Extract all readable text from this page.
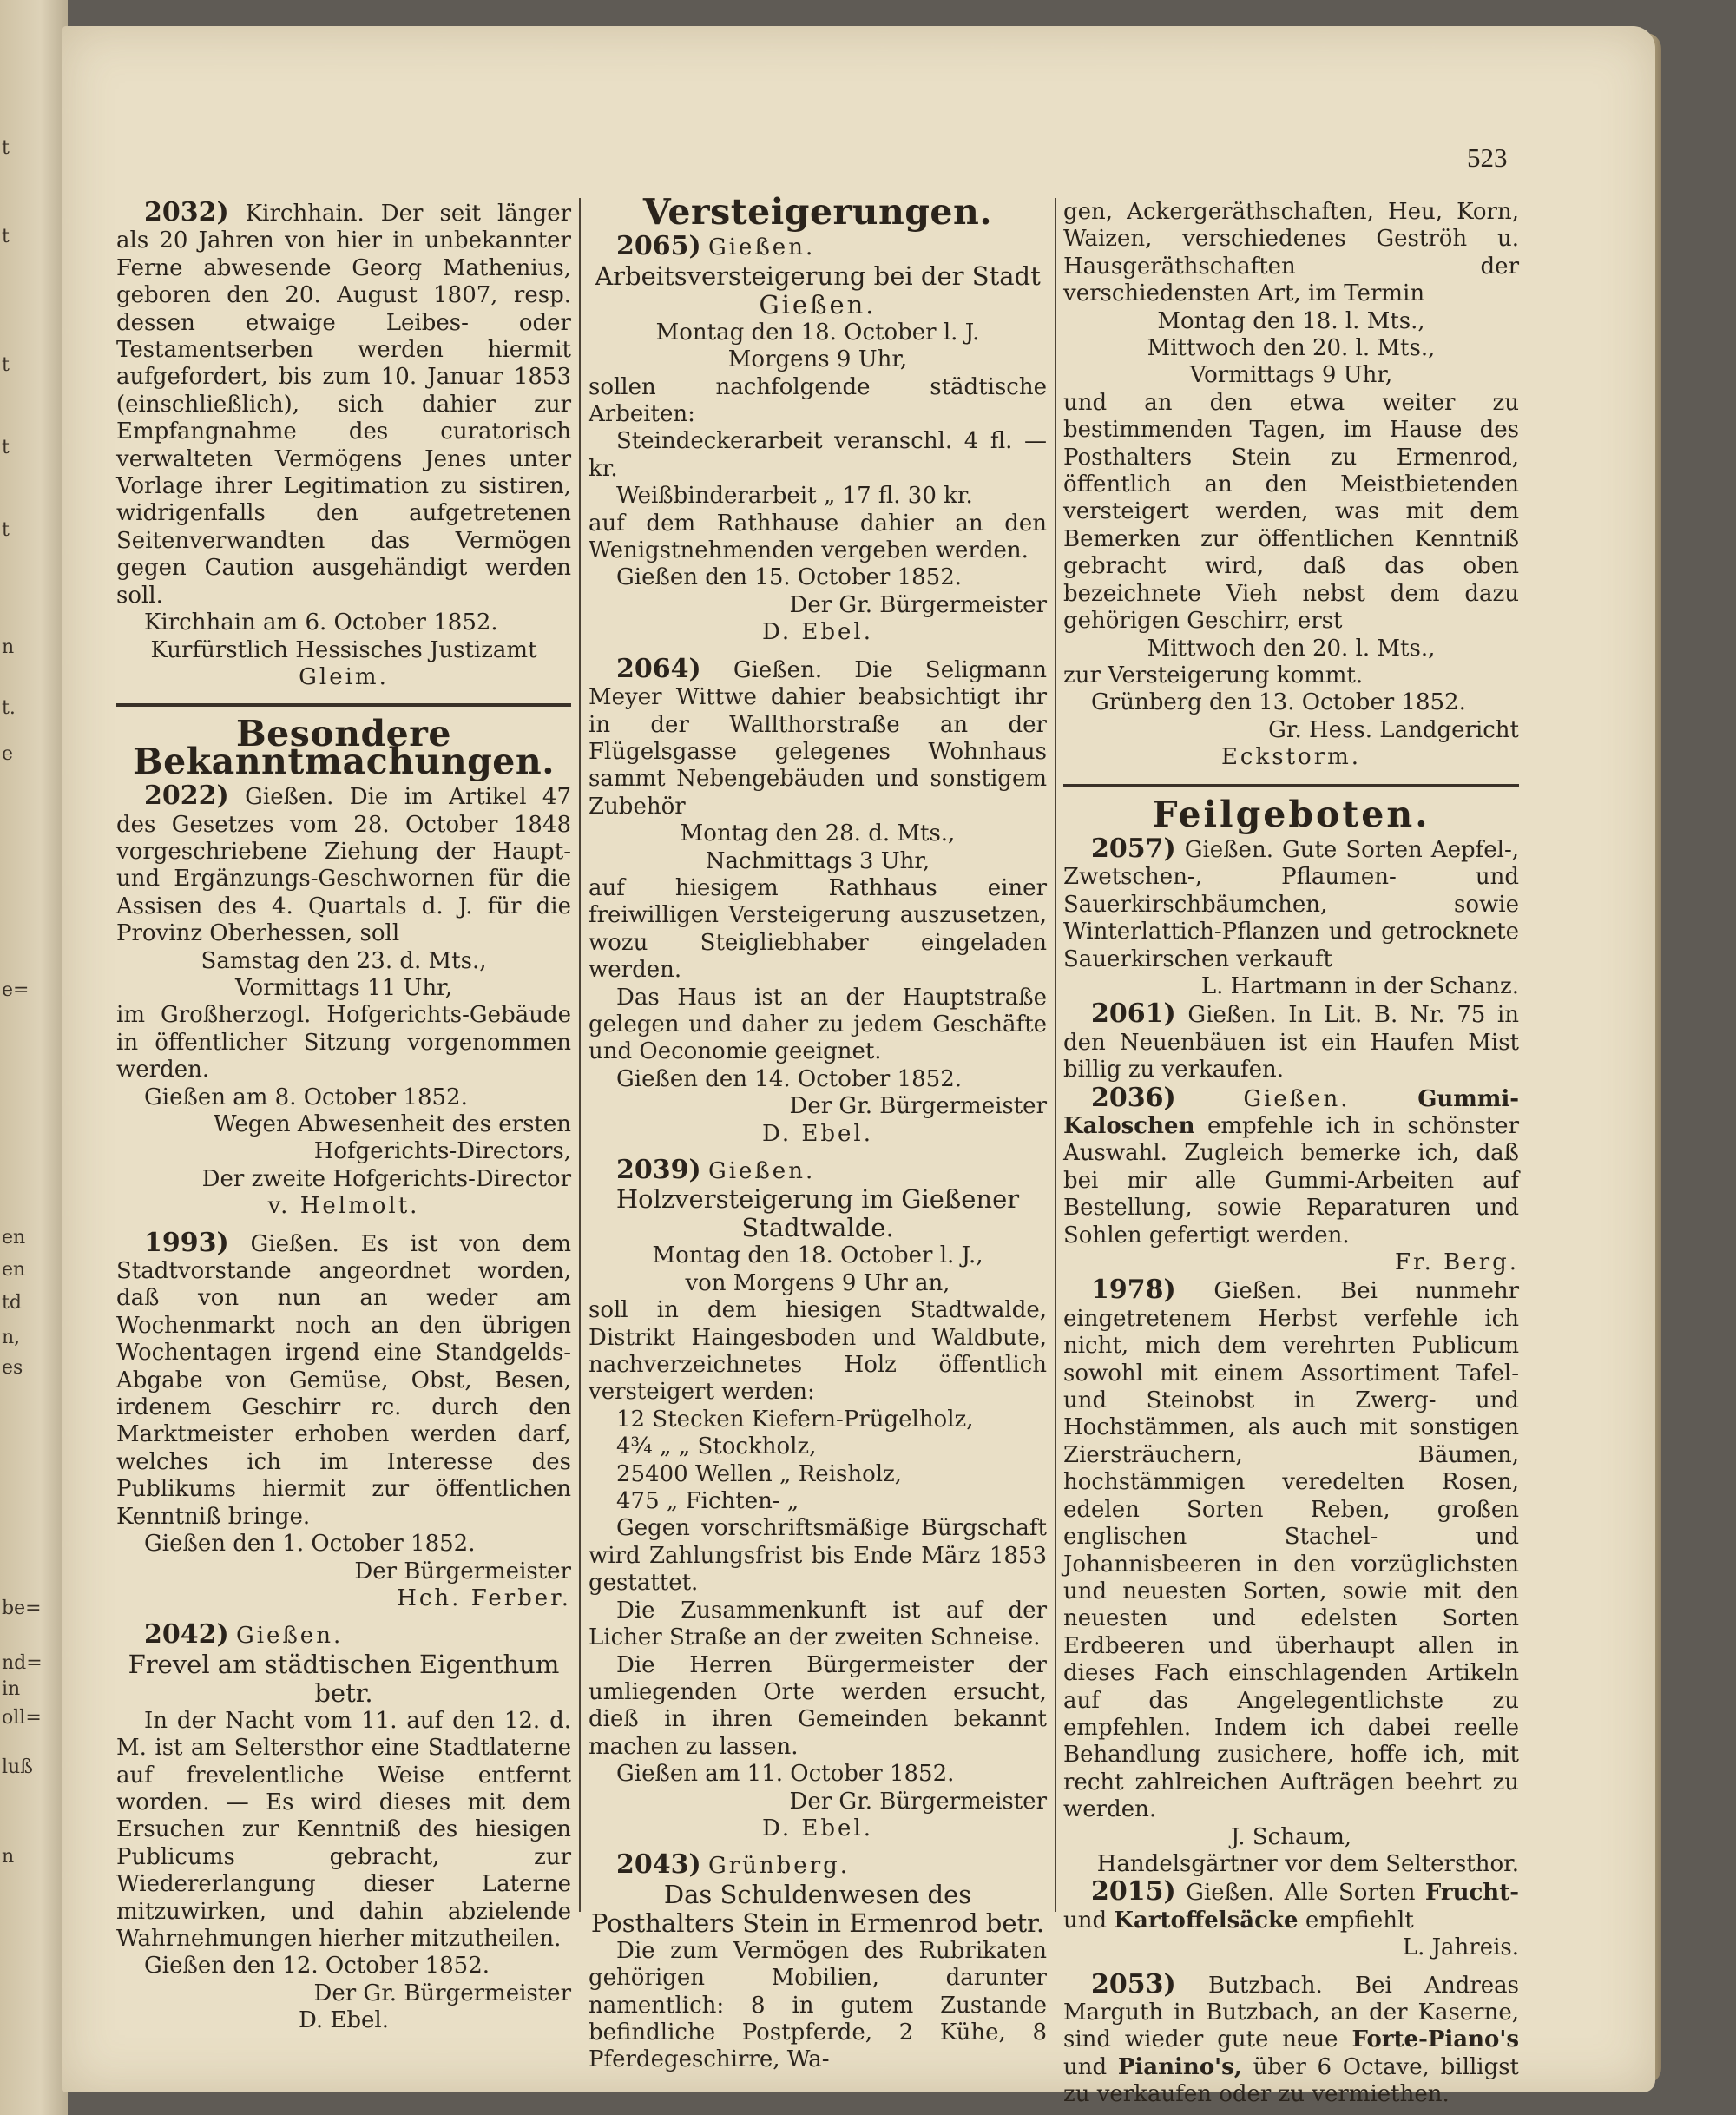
t
t
t
t
t
n
t.
e
e=
en
en
td
n,
es
be=
nd=
in
oll=
luß
n
523

2032) Kirchhain. Der seit länger als 20 Jahren von hier in unbekannter Ferne abwesende Georg Mathenius, geboren den 20. August 1807, resp. dessen etwaige Leibes- oder Testamentserben werden hiermit aufgefordert, bis zum 10. Januar 1853 (einschließlich), sich dahier zur Empfangnahme des curatorisch verwalteten Vermögens Jenes unter Vorlage ihrer Legitimation zu sistiren, widrigenfalls den aufgetretenen Seitenverwandten das Vermögen gegen Caution ausgehändigt werden soll.

Kirchhain am 6. October 1852.

Kurfürstlich Hessisches Justizamt

Gleim.

Besondere Bekanntmachungen.

2022) Gießen. Die im Artikel 47 des Gesetzes vom 28. October 1848 vorgeschriebene Ziehung der Haupt- und Ergänzungs-Geschwornen für die Assisen des 4. Quartals d. J. für die Provinz Oberhessen, soll

Samstag den 23. d. Mts.,

Vormittags 11 Uhr,

im Großherzogl. Hofgerichts-Gebäude in öffentlicher Sitzung vorgenommen werden.

Gießen am 8. October 1852.

Wegen Abwesenheit des ersten Hofgerichts-Directors,

Der zweite Hofgerichts-Director

v. Helmolt.

1993) Gießen. Es ist von dem Stadtvorstande angeordnet worden, daß von nun an weder am Wochenmarkt noch an den übrigen Wochentagen irgend eine Standgelds-Abgabe von Gemüse, Obst, Besen, irdenem Geschirr rc. durch den Marktmeister erhoben werden darf, welches ich im Interesse des Publikums hiermit zur öffentlichen Kenntniß bringe.

Gießen den 1. October 1852.

Der Bürgermeister

Hch. Ferber.

2042) Gießen.

Frevel am städtischen Eigenthum betr.

In der Nacht vom 11. auf den 12. d. M. ist am Seltersthor eine Stadtlaterne auf frevelentliche Weise entfernt worden. — Es wird dieses mit dem Ersuchen zur Kenntniß des hiesigen Publicums gebracht, zur Wiedererlangung dieser Laterne mitzuwirken, und dahin abzielende Wahrnehmungen hierher mitzutheilen.

Gießen den 12. October 1852.

Der Gr. Bürgermeister

D. Ebel.

Versteigerungen.

2065) Gießen.

Arbeitsversteigerung bei der Stadt

Gießen.

Montag den 18. October l. J.

Morgens 9 Uhr,

sollen nachfolgende städtische Arbeiten:

Steindeckerarbeit veranschl. 4 fl. — kr.

Weißbinderarbeit „ 17 fl. 30 kr.

auf dem Rathhause dahier an den Wenigstnehmenden vergeben werden.

Gießen den 15. October 1852.

Der Gr. Bürgermeister

D. Ebel.

2064) Gießen. Die Seligmann Meyer Wittwe dahier beabsichtigt ihr in der Wallthorstraße an der Flügelsgasse gelegenes Wohnhaus sammt Nebengebäuden und sonstigem Zubehör

Montag den 28. d. Mts.,

Nachmittags 3 Uhr,

auf hiesigem Rathhaus einer freiwilligen Versteigerung auszusetzen, wozu Steigliebhaber eingeladen werden.

Das Haus ist an der Hauptstraße gelegen und daher zu jedem Geschäfte und Oeconomie geeignet.

Gießen den 14. October 1852.

Der Gr. Bürgermeister

D. Ebel.

2039) Gießen.

Holzversteigerung im Gießener Stadtwalde.

Montag den 18. October l. J.,

von Morgens 9 Uhr an,

soll in dem hiesigen Stadtwalde, Distrikt Haingesboden und Waldbute, nachverzeichnetes Holz öffentlich versteigert werden:

12 Stecken Kiefern-Prügelholz,

4¾ „ „ Stockholz,

25400 Wellen „ Reisholz,

475 „ Fichten- „

Gegen vorschriftsmäßige Bürgschaft wird Zahlungsfrist bis Ende März 1853 gestattet.

Die Zusammenkunft ist auf der Licher Straße an der zweiten Schneise.

Die Herren Bürgermeister der umliegenden Orte werden ersucht, dieß in ihren Gemeinden bekannt machen zu lassen.

Gießen am 11. October 1852.

Der Gr. Bürgermeister

D. Ebel.

2043) Grünberg.

Das Schuldenwesen des Posthalters Stein in Ermenrod betr.

Die zum Vermögen des Rubrikaten gehörigen Mobilien, darunter namentlich: 8 in gutem Zustande befindliche Postpferde, 2 Kühe, 8 Pferdegeschirre, Wa-

gen, Ackergeräthschaften, Heu, Korn, Waizen, verschiedenes Geströh u. Hausgeräthschaften der verschiedensten Art, im Termin

Montag den 18. l. Mts.,

Mittwoch den 20. l. Mts.,

Vormittags 9 Uhr,

und an den etwa weiter zu bestimmenden Tagen, im Hause des Posthalters Stein zu Ermenrod, öffentlich an den Meistbietenden versteigert werden, was mit dem Bemerken zur öffentlichen Kenntniß gebracht wird, daß das oben bezeichnete Vieh nebst dem dazu gehörigen Geschirr, erst

Mittwoch den 20. l. Mts.,

zur Versteigerung kommt.

Grünberg den 13. October 1852.

Gr. Hess. Landgericht

Eckstorm.

Feilgeboten.

2057) Gießen. Gute Sorten Aepfel-, Zwetschen-, Pflaumen- und Sauerkirschbäumchen, sowie Winterlattich-Pflanzen und getrocknete Sauerkirschen verkauft

L. Hartmann in der Schanz.

2061) Gießen. In Lit. B. Nr. 75 in den Neuenbäuen ist ein Haufen Mist billig zu verkaufen.

2036)	Gießen.	Gummi-Kaloschen empfehle ich in schönster Auswahl. Zugleich bemerke ich, daß bei mir alle Gummi-Arbeiten auf Bestellung, sowie Reparaturen und Sohlen gefertigt werden.

Fr. Berg.

1978) Gießen. Bei nunmehr eingetretenem Herbst verfehle ich nicht, mich dem verehrten Publicum sowohl mit einem Assortiment Tafel- und Steinobst in Zwerg- und Hochstämmen, als auch mit sonstigen Ziersträuchern, Bäumen, hochstämmigen veredelten Rosen, edelen Sorten Reben, großen englischen Stachel- und Johannisbeeren in den vorzüglichsten und neuesten Sorten, sowie mit den neuesten und edelsten Sorten Erdbeeren und überhaupt allen in dieses Fach einschlagenden Artikeln auf das Angelegentlichste zu empfehlen. Indem ich dabei reelle Behandlung zusichere, hoffe ich, mit recht zahlreichen Aufträgen beehrt zu werden.

J. Schaum,

Handelsgärtner vor dem Seltersthor.

2015) Gießen. Alle Sorten Frucht- und Kartoffelsäcke empfiehlt

L. Jahreis.

2053) Butzbach. Bei Andreas Marguth in Butzbach, an der Kaserne, sind wieder gute neue Forte-Piano's und Pianino's, über 6 Octave, billigst zu verkaufen oder zu vermiethen.
